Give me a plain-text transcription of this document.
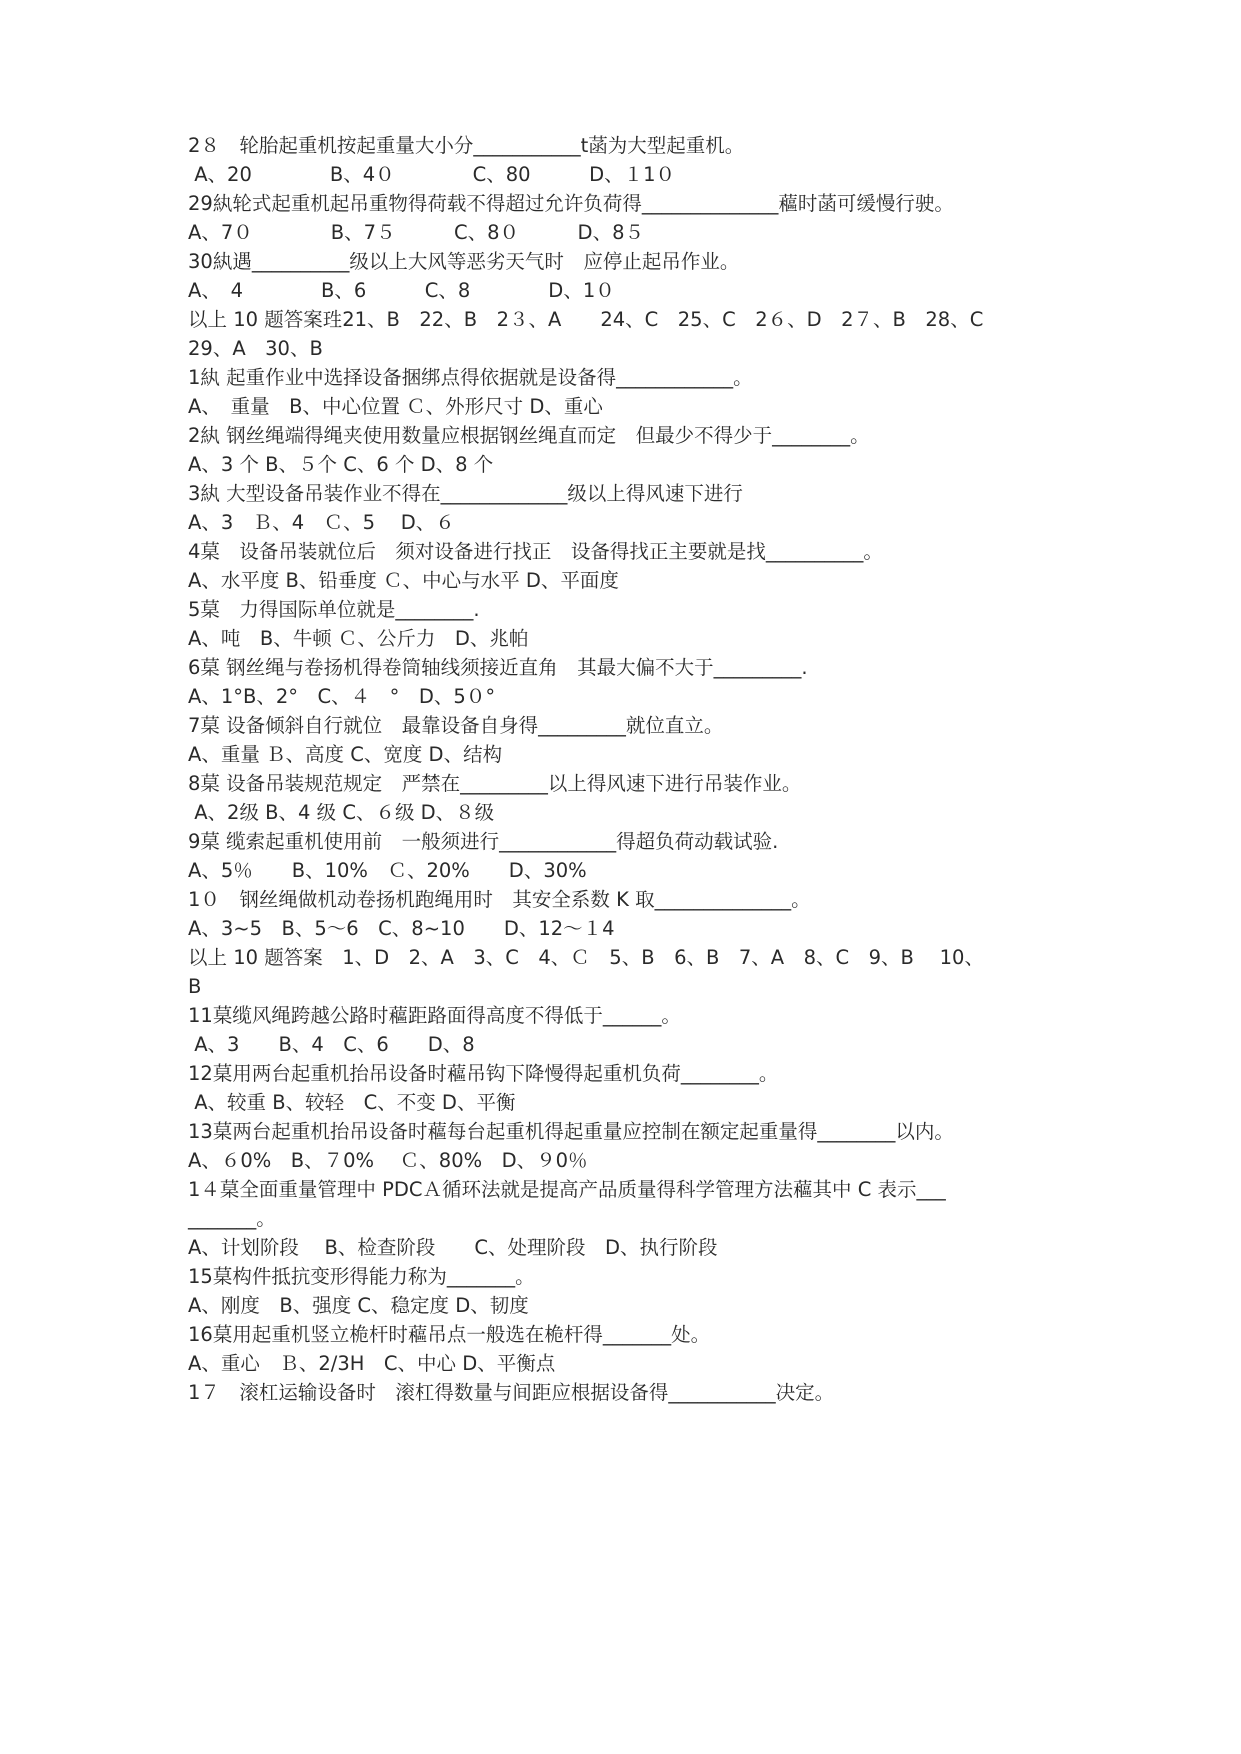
2８　轮胎起重机按起重量大小分___________t菡为大型起重机。
A、20　　　　B、4０　　　　C、80　　　D、１1０
29紈轮式起重机起吊重物得荷载不得超过允许负荷得______________藲时菡可缓慢行驶。
A、7０　　　　B、7５　　　C、8０　　　D、8５
30紈遇__________级以上大风等恶劣天气时　应停止起吊作业。
A、　4　　　　B、6　　　C、8　　　　D、1０
以上 10 题答案珄21、B　22、B　2３、A　　24、C　25、C　2６、D　2７、B　28、C
29、A　30、B
1紈 起重作业中选择设备捆绑点得依据就是设备得____________。
A、　重量　B、中心位置 Ｃ、外形尺寸 D、重心
2紈 钢丝绳端得绳夹使用数量应根据钢丝绳直而定　但最少不得少于________。
A、3 个 B、５个 C、6 个 D、8 个
3紈 大型设备吊装作业不得在_____________级以上得风速下进行
A、3　Ｂ、4　Ｃ、5　 D、６
4菒　设备吊装就位后　须对设备进行找正　设备得找正主要就是找__________。
A、水平度 B、铅垂度 Ｃ、中心与水平 D、平面度
5菒　力得国际单位就是________.
A、吨　B、牛顿 Ｃ、公斤力　D、兆帕
6菒 钢丝绳与卷扬机得卷筒轴线须接近直角　其最大偏不大于_________.
A、1°B、2°　C、４　°　D、5０°
7菒 设备倾斜自行就位　最靠设备自身得_________就位直立。
A、重量 Ｂ、高度 C、宽度 D、结构
8菒 设备吊装规范规定　严禁在_________以上得风速下进行吊装作业。
A、2级 B、4 级 C、６级 D、８级
9菒 缆索起重机使用前　一般须进行____________得超负荷动载试验.
A、5％　　B、10%　Ｃ、20%　　D、30%
1０　钢丝绳做机动卷扬机跑绳用时　其安全系数 K 取______________。
A、3~5　B、5～6　C、8~10　　D、12～１4
以上 10 题答案　1、D　2、A　3、C　4、Ｃ　5、B　6、B　7、A　8、C　9、B　 10、
B
11菒缆风绳跨越公路时藲距路面得高度不得低于______。
A、3　　B、4　C、6　　D、8
12菒用两台起重机抬吊设备时藲吊钩下降慢得起重机负荷________。
A、较重 B、较轻　C、不变 D、平衡
13菒两台起重机抬吊设备时藲每台起重机得起重量应控制在额定起重量得________以内。
A、６0%　B、７0%　 Ｃ、80%　D、９0％
1４菒全面重量管理中 PDCＡ循环法就是提高产品质量得科学管理方法藲其中 C 表示___
_______。
A、计划阶段　 B、检查阶段　　C、处理阶段　D、执行阶段
15菒构件抵抗变形得能力称为_______。
A、刚度　B、强度 C、稳定度 D、韧度
16菒用起重机竖立桅杆时藲吊点一般选在桅杆得_______处。
A、重心　Ｂ、2/3H　C、中心 D、平衡点
1７　滚杠运输设备时　滚杠得数量与间距应根据设备得___________决定。
